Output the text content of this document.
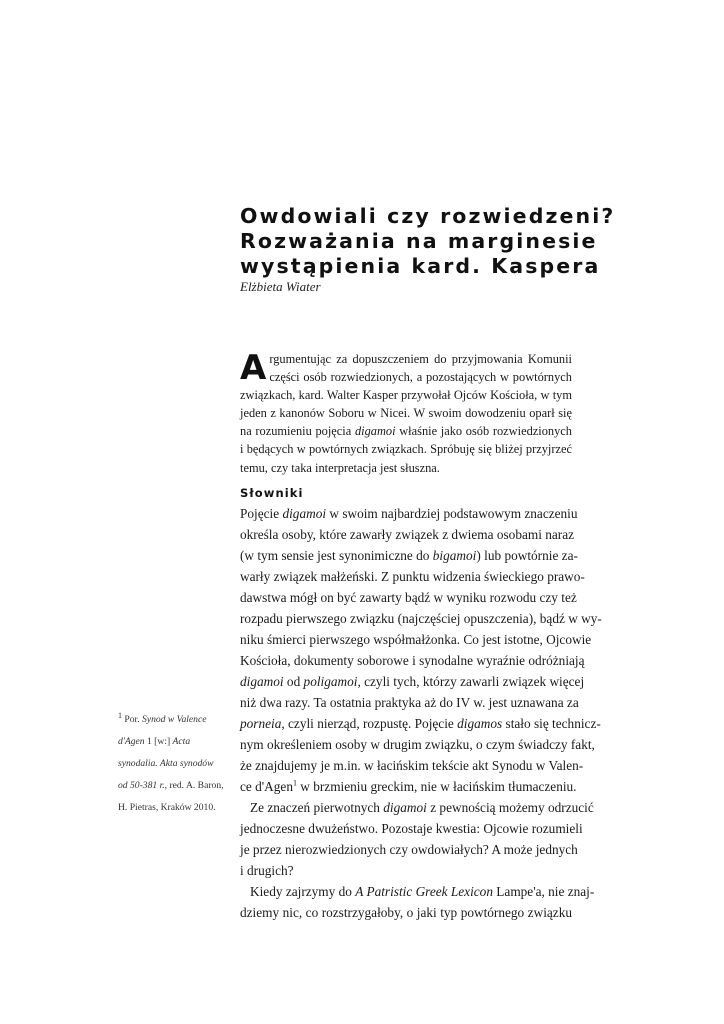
Owdowiali czy rozwiedzeni?
Rozważania na marginesie
wystąpienia kard. Kaspera
Elżbieta Wiater
Argumentując za dopuszczeniem do przyjmowania Komunii części osób rozwiedzionych, a pozostających w powtórnych związkach, kard. Walter Kasper przywołał Ojców Kościoła, w tym jeden z kanonów Soboru w Nicei. W swoim dowodzeniu oparł się na rozumieniu pojęcia digamoi właśnie jako osób rozwiedzionych i będących w powtórnych związkach. Spróbuję się bliżej przyjrzeć temu, czy taka interpretacja jest słuszna.
Słowniki
Pojęcie digamoi w swoim najbardziej podstawowym znaczeniu
określa osoby, które zawarły związek z dwiema osobami naraz
(w tym sensie jest synonimiczne do bigamoi) lub powtórnie za-
warły związek małżeński. Z punktu widzenia świeckiego prawo-
dawstwa mógł on być zawarty bądź w wyniku rozwodu czy też
rozpadu pierwszego związku (najczęściej opuszczenia), bądź w wy-
niku śmierci pierwszego współmałżonka. Co jest istotne, Ojcowie
Kościoła, dokumenty soborowe i synodalne wyraźnie odróżniają
digamoi od poligamoi, czyli tych, którzy zawarli związek więcej
niż dwa razy. Ta ostatnia praktyka aż do IV w. jest uznawana za
porneia, czyli nierząd, rozpustę. Pojęcie digamos stało się technicz-
nym określeniem osoby w drugim związku, o czym świadczy fakt,
że znajdujemy je m.in. w łacińskim tekście akt Synodu w Valen-
ce d'Agen$^1$ w brzmieniu greckim, nie w łacińskim tłumaczeniu.
Ze znaczeń pierwotnych digamoi z pewnością możemy odrzucić
jednoczesne dwużeństwo. Pozostaje kwestia: Ojcowie rozumieli
je przez nierozwiedzionych czy owdowiałych? A może jednych
i drugich?
Kiedy zajrzymy do A Patristic Greek Lexicon Lampe'a, nie znaj-
dziemy nic, co rozstrzygałoby, o jaki typ powtórnego związku
$^1$ Por. Synod w Valence
d'Agen 1 [w:] Acta
synodalia. Akta synodów
od 50-381 r., red. A. Baron,
H. Pietras, Kraków 2010.
